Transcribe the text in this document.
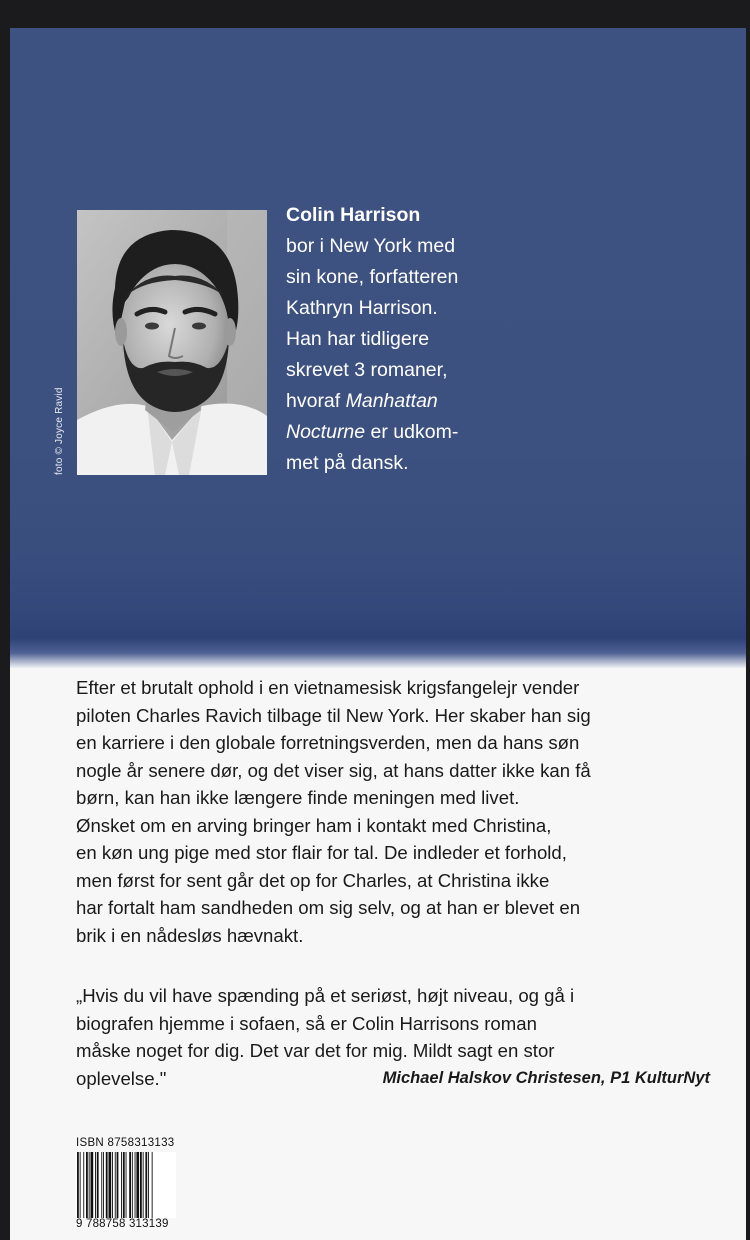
foto © Joyce Ravid
Colin Harrison
bor i New York med
sin kone, forfatteren
Kathryn Harrison.
Han har tidligere
skrevet 3 romaner,
hvoraf Manhattan
Nocturne er udkom-
met på dansk.
Efter et brutalt ophold i en vietnamesisk krigsfangelejr vender
piloten Charles Ravich tilbage til New York. Her skaber han sig
en karriere i den globale forretningsverden, men da hans søn
nogle år senere dør, og det viser sig, at hans datter ikke kan få
børn, kan han ikke længere finde meningen med livet.
Ønsket om en arving bringer ham i kontakt med Christina,
en køn ung pige med stor flair for tal. De indleder et forhold,
men først for sent går det op for Charles, at Christina ikke
har fortalt ham sandheden om sig selv, og at han er blevet en
brik i en nådesløs hævnakt.
„Hvis du vil have spænding på et seriøst, højt niveau, og gå i
biografen hjemme i sofaen, så er Colin Harrisons roman
måske noget for dig. Det var det for mig. Mildt sagt en stor
oplevelse."	Michael Halskov Christesen, P1 KulturNyt
ISBN 8758313133
9 788758 313139
